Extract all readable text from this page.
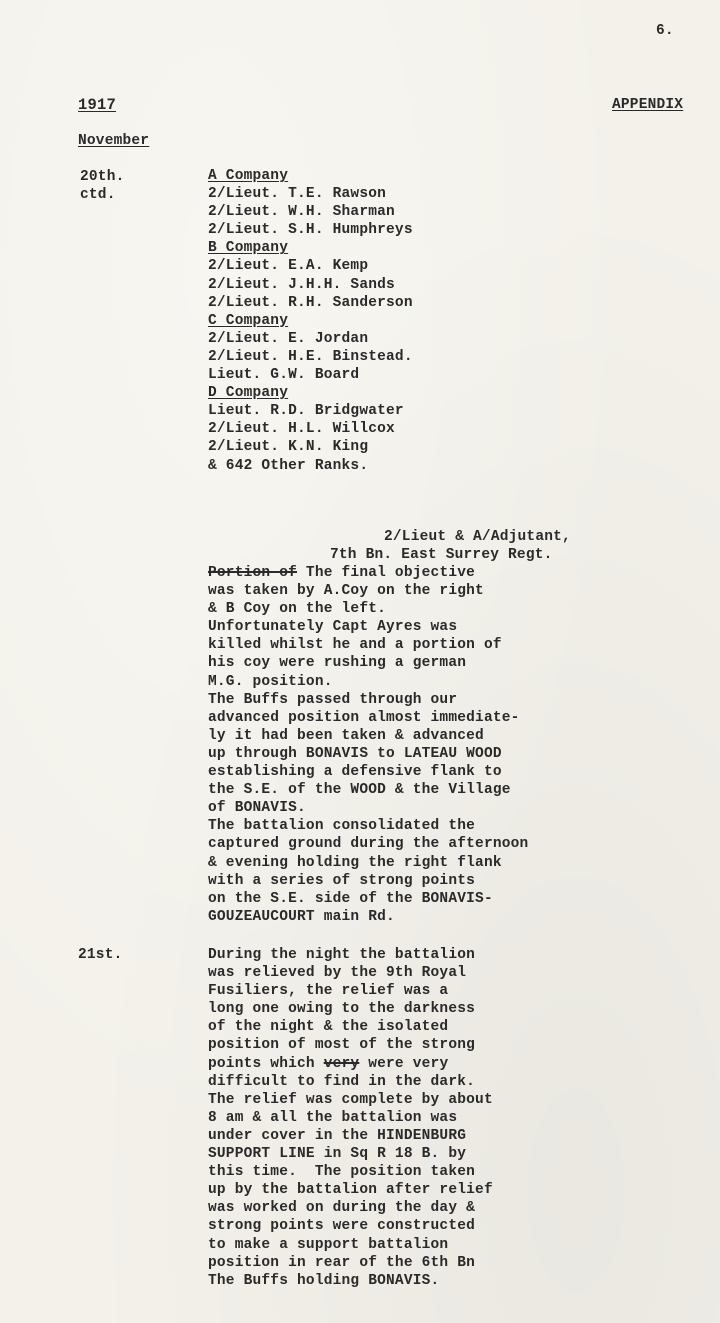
6.
1917	APPENDIX
November
20th.
ctd.
A Company
2/Lieut. T.E. Rawson
2/Lieut. W.H. Sharman
2/Lieut. S.H. Humphreys
B Company
2/Lieut. E.A. Kemp
2/Lieut. J.H.H. Sands
2/Lieut. R.H. Sanderson
C Company
2/Lieut. E. Jordan
2/Lieut. H.E. Binstead.
Lieut. G.W. Board
D Company
Lieut. R.D. Bridgwater
2/Lieut. H.L. Willcox
2/Lieut. K.N. King
& 642 Other Ranks.
2/Lieut & A/Adjutant,
7th Bn. East Surrey Regt.
Portion of The final objective
was taken by A.Coy on the right
& B Coy on the left.
Unfortunately Capt Ayres was
killed whilst he and a portion of
his coy were rushing a german
M.G. position.
The Buffs passed through our
advanced position almost immediate-
ly it had been taken & advanced
up through BONAVIS to LATEAU WOOD
establishing a defensive flank to
the S.E. of the WOOD & the Village
of BONAVIS.
The battalion consolidated the
captured ground during the afternoon
& evening holding the right flank
with a series of strong points
on the S.E. side of the BONAVIS-
GOUZEAUCOURT main Rd.
21st.	During the night the battalion
was relieved by the 9th Royal
Fusiliers, the relief was a
long one owing to the darkness
of the night & the isolated
position of most of the strong
points which very were very
difficult to find in the dark.
The relief was complete by about
8 am & all the battalion was
under cover in the HINDENBURG
SUPPORT LINE in Sq R 18 B. by
this time.  The position taken
up by the battalion after relief
was worked on during the day &
strong points were constructed
to make a support battalion
position in rear of the 6th Bn
The Buffs holding BONAVIS.
